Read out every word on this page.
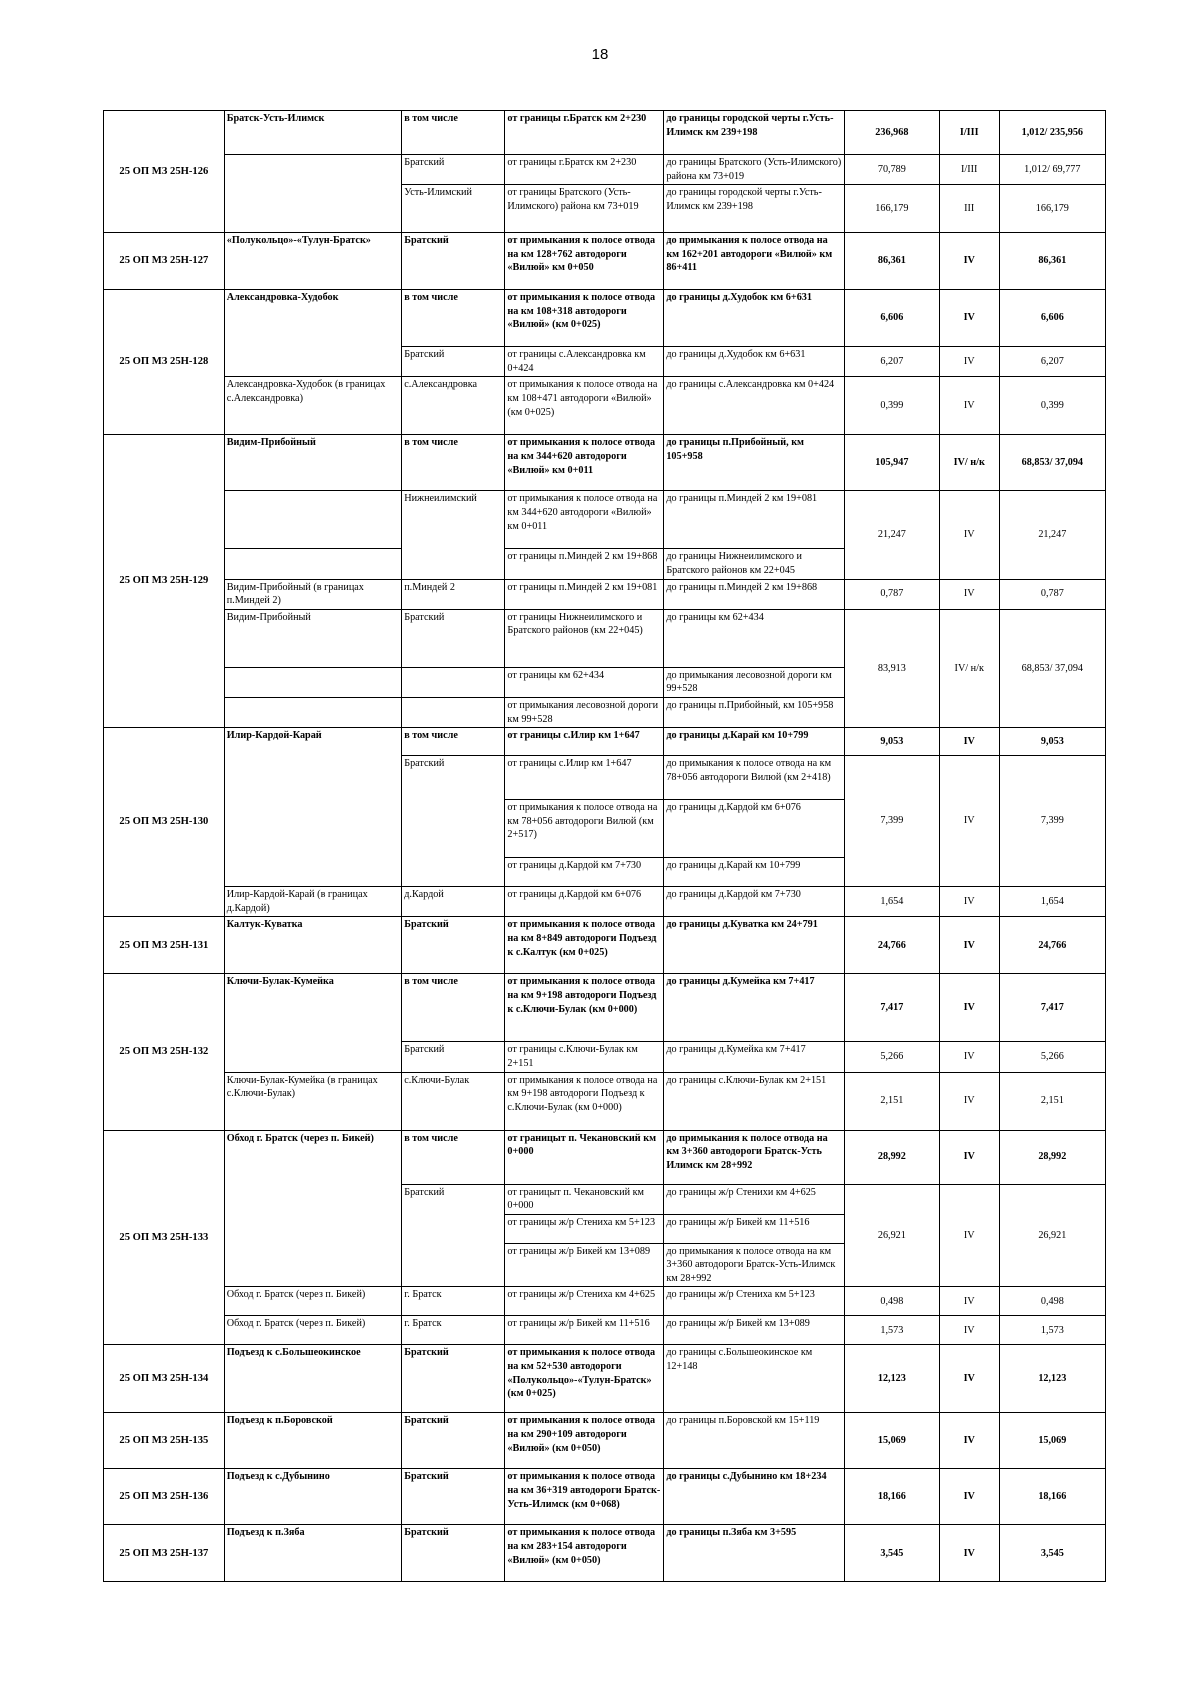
18
25 ОП МЗ 25Н-126	Братск-Усть-Илимск	в том числе	от границы г.Братск км 2+230	до границы городской черты г.Усть-Илимск км 239+198	236,968	I/III	1,012/ 235,956
		Братский	от границы г.Братск км 2+230	до границы Братского (Усть-Илимского) района км 73+019	70,789	I/III	1,012/ 69,777
		Усть-Илимский	от границы Братского (Усть-Илимского) района км 73+019	до границы городской черты г.Усть-Илимск км 239+198	166,179	III	166,179
25 ОП МЗ 25Н-127	«Полукольцо»-«Тулун-Братск»	Братский	от примыкания к полосе отвода на км 128+762 автодороги «Вилюй» км 0+050	до примыкания к полосе отвода на км 162+201 автодороги «Вилюй» км 86+411	86,361	IV	86,361
25 ОП МЗ 25Н-128	Александровка-Худобок	в том числе	от примыкания к полосе отвода на км 108+318 автодороги «Вилюй» (км 0+025)	до границы д.Худобок км 6+631	6,606	IV	6,606
		Братский	от границы с.Александровка км 0+424	до границы д.Худобок км 6+631	6,207	IV	6,207
	Александровка-Худобок (в границах с.Александровка)	с.Александровка	от примыкания к полосе отвода на км 108+471 автодороги «Вилюй» (км 0+025)	до границы с.Александровка км 0+424	0,399	IV	0,399
25 ОП МЗ 25Н-129	Видим-Прибойный	в том числе	от примыкания к полосе отвода на км 344+620 автодороги «Вилюй» км 0+011	до границы п.Прибойный, км 105+958	105,947	IV/ н/к	68,853/ 37,094
		Нижнеилимский	от примыкания к полосе отвода на км 344+620 автодороги «Вилюй» км 0+011	до границы п.Миндей 2 км 19+081	21,247	IV	21,247
			от границы п.Миндей 2 км 19+868	до границы Нижнеилимского и Братского районов км 22+045			
	Видим-Прибойный (в границах п.Миндей 2)	п.Миндей 2	от границы п.Миндей 2 км 19+081	до границы п.Миндей 2 км 19+868	0,787	IV	0,787
	Видим-Прибойный	Братский	от границы Нижнеилимского и Братского районов (км 22+045)	до границы км 62+434	83,913	IV/ н/к	68,853/ 37,094
			от границы км 62+434	до примыкания лесовозной дороги км 99+528			
			от примыкания лесовозной дороги км 99+528	до границы п.Прибойный, км 105+958			
25 ОП МЗ 25Н-130	Илир-Кардой-Карай	в том числе	от границы с.Илир км 1+647	до границы д.Карай км 10+799	9,053	IV	9,053
		Братский	от границы с.Илир км 1+647	до примыкания к полосе отвода на км 78+056 автодороги Вилюй (км 2+418)	7,399	IV	7,399
			от примыкания к полосе отвода на км 78+056 автодороги Вилюй (км 2+517)	до границы д.Кардой км 6+076			
			от границы д.Кардой км 7+730	до границы д.Карай км 10+799			
	Илир-Кардой-Карай (в границах д.Кардой)	д.Кардой	от границы д.Кардой км 6+076	до границы д.Кардой км 7+730	1,654	IV	1,654
25 ОП МЗ 25Н-131	Калтук-Куватка	Братский	от примыкания к полосе отвода на км 8+849 автодороги Подъезд к с.Калтук (км 0+025)	до границы д.Куватка км 24+791	24,766	IV	24,766
25 ОП МЗ 25Н-132	Ключи-Булак-Кумейка	в том числе	от примыкания к полосе отвода на км 9+198 автодороги Подъезд к с.Ключи-Булак (км 0+000)	до границы д.Кумейка км 7+417	7,417	IV	7,417
		Братский	от границы с.Ключи-Булак км 2+151	до границы д.Кумейка км 7+417	5,266	IV	5,266
	Ключи-Булак-Кумейка (в границах с.Ключи-Булак)	с.Ключи-Булак	от примыкания к полосе отвода на км 9+198 автодороги Подъезд к с.Ключи-Булак (км 0+000)	до границы с.Ключи-Булак км 2+151	2,151	IV	2,151
25 ОП МЗ 25Н-133	Обход г. Братск (через п. Бикей)	в том числе	от границыт п. Чекановский км 0+000	до примыкания к полосе отвода на км 3+360 автодороги Братск-Усть Илимск км 28+992	28,992	IV	28,992
		Братский	от границыт п. Чекановский км 0+000	до границы ж/р Стенихи км 4+625	26,921	IV	26,921
			от границы ж/р Стениха км 5+123	до границы ж/р Бикей км 11+516			
			от границы ж/р Бикей км 13+089	до примыкания к полосе отвода на км 3+360 автодороги Братск-Усть-Илимск км 28+992			
	Обход г. Братск (через п. Бикей)	г. Братск	от границы ж/р Стениха км 4+625	до границы ж/р Стениха км 5+123	0,498	IV	0,498
	Обход г. Братск (через п. Бикей)	г. Братск	от границы ж/р Бикей км 11+516	до границы ж/р Бикей км 13+089	1,573	IV	1,573
25 ОП МЗ 25Н-134	Подъезд к с.Большеокинское	Братский	от примыкания к полосе отвода на км 52+530 автодороги «Полукольцо»-«Тулун-Братск» (км 0+025)	до границы с.Большеокинское км 12+148	12,123	IV	12,123
25 ОП МЗ 25Н-135	Подъезд к п.Боровской	Братский	от примыкания к полосе отвода на км 290+109 автодороги «Вилюй» (км 0+050)	до границы п.Боровской км 15+119	15,069	IV	15,069
25 ОП МЗ 25Н-136	Подъезд к с.Дубынино	Братский	от примыкания к полосе отвода на км 36+319 автодороги Братск-Усть-Илимск (км 0+068)	до границы с.Дубынино км 18+234	18,166	IV	18,166
25 ОП МЗ 25Н-137	Подъезд к п.Зяба	Братский	от примыкания к полосе отвода на км 283+154 автодороги «Вилюй» (км 0+050)	до границы п.Зяба км 3+595	3,545	IV	3,545
